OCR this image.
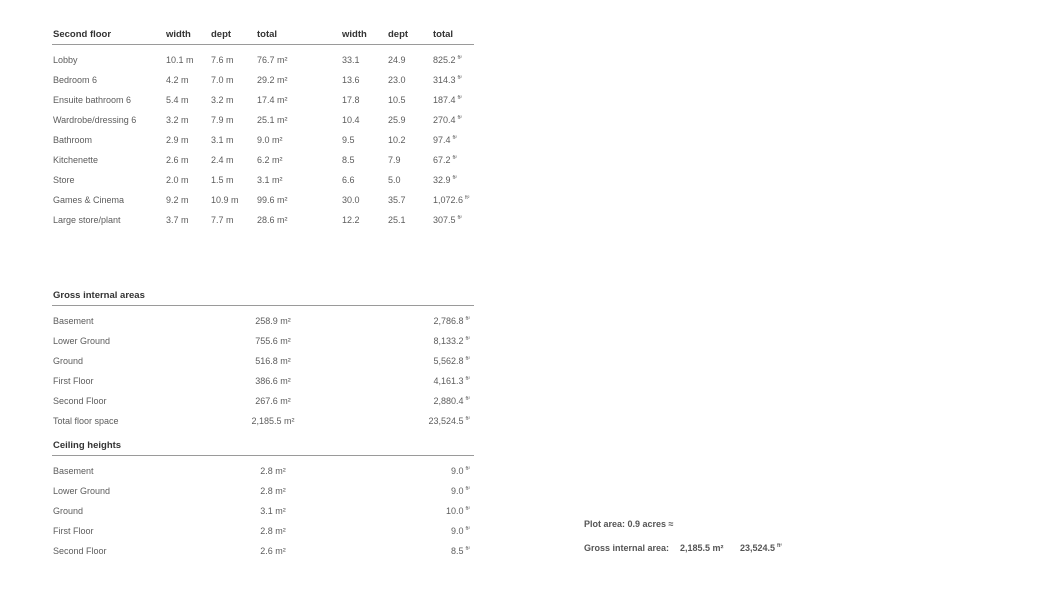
Second floor	width dept	total	width dept	total
Lobby	10.1 m 7.6 m	76.7 m²	33.1	24.9	825.2 $^{ft^2}$
Bedroom 6	4.2 m 7.0 m	29.2 m²	13.6	23.0	314.3 $^{ft^2}$
Ensuite bathroom 6	5.4 m 3.2 m	17.4 m²	17.8	10.5	187.4 $^{ft^2}$
Wardrobe/dressing 6	3.2 m 7.9 m	25.1 m²	10.4	25.9	270.4 $^{ft^2}$
Bathroom	2.9 m 3.1 m	9.0 m²	9.5	10.2	97.4 $^{ft^2}$
Kitchenette	2.6 m 2.4 m	6.2 m²	8.5	7.9	67.2 $^{ft^2}$
Store	2.0 m 1.5 m	3.1 m²	6.6	5.0	32.9 $^{ft^2}$
Games & Cinema	9.2 m 10.9 m 99.6 m²	30.0	35.7	1,072.6 $^{ft^2}$
Large store/plant	3.7 m 7.7 m	28.6 m²	12.2	25.1	307.5 $^{ft^2}$
Gross internal areas
Basement	258.9 m²	2,786.8 $^{ft^2}$
Lower Ground	755.6 m²	8,133.2 $^{ft^2}$
Ground	516.8 m²	5,562.8 $^{ft^2}$
First Floor	386.6 m²	4,161.3 $^{ft^2}$
Second Floor	267.6 m²	2,880.4 $^{ft^2}$
Total floor space	2,185.5 m²	23,524.5 $^{ft^2}$
Ceiling heights
Basement	2.8 m²	9.0 $^{ft^2}$
Lower Ground	2.8 m²	9.0 $^{ft^2}$
Ground	3.1 m²	10.0 $^{ft^2}$
First Floor	2.8 m²	9.0 $^{ft^2}$
Second Floor	2.6 m²	8.5 $^{ft^2}$
Plot area: 0.9 acres ≈
Gross internal area: 2,185.5 m² 23,524.5 $^{ft^2}$
